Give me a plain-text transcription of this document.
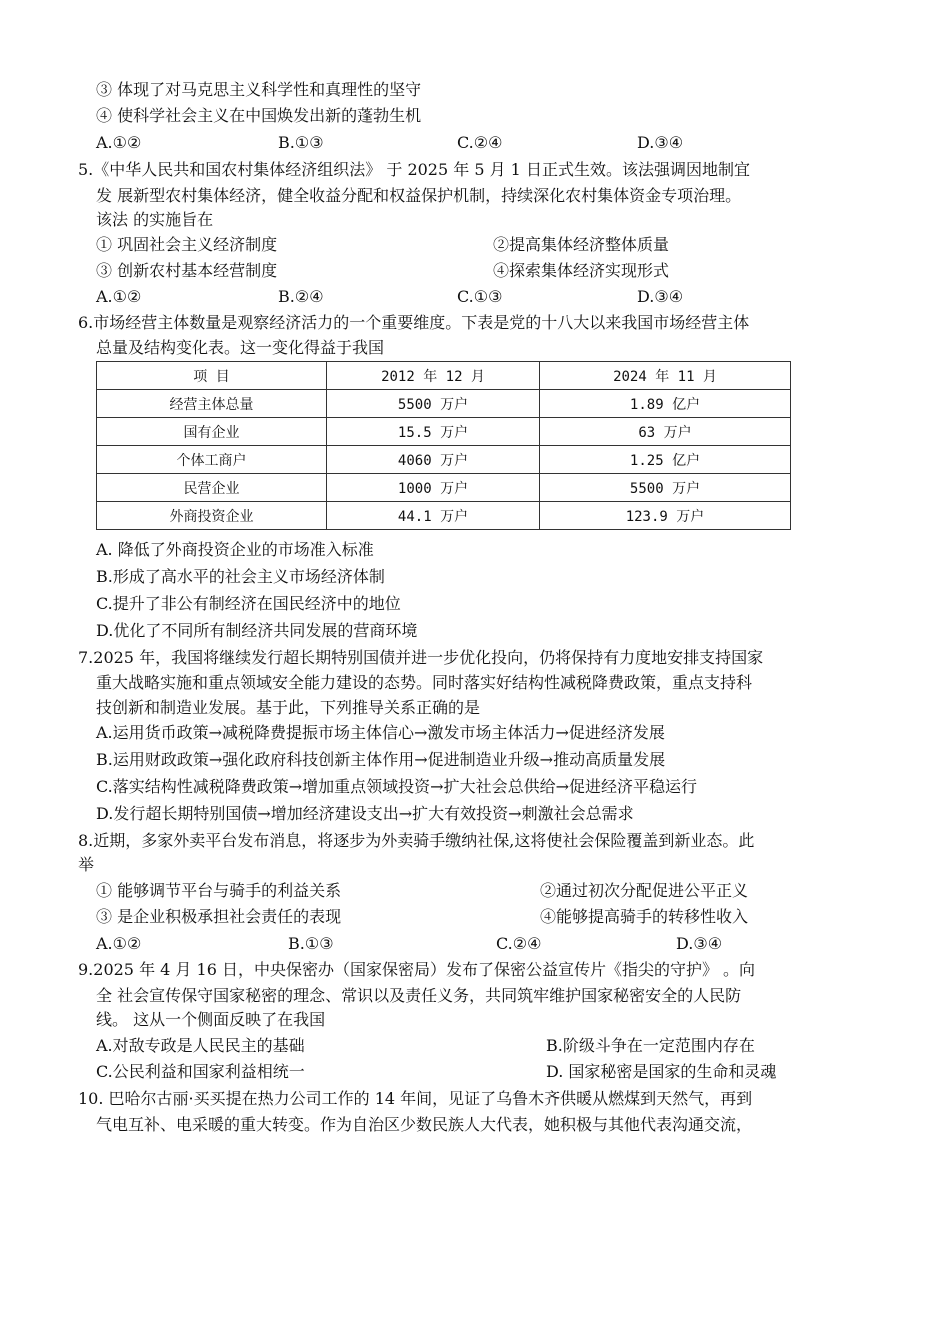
③ 体现了对马克思主义科学性和真理性的坚守
④ 使科学社会主义在中国焕发出新的蓬勃生机
A.①②	B.①③	C.②④	D.③④
5.《中华人民共和国农村集体经济组织法》 于 2025 年 5 月 1 日正式生效。该法强调因地制宜
发 展新型农村集体经济，健全收益分配和权益保护机制，持续深化农村集体资金专项治理。
该法 的实施旨在
① 巩固社会主义经济制度	②提高集体经济整体质量
③ 创新农村基本经营制度	④探索集体经济实现形式
A.①②	B.②④	C.①③	D.③④
6.市场经营主体数量是观察经济活力的一个重要维度。下表是党的十八大以来我国市场经营主体
总量及结构变化表。这一变化得益于我国
项 目	2012 年 12 月	2024 年 11 月
经营主体总量	5500 万户	1.89 亿户
国有企业	15.5 万户	63 万户
个体工商户	4060 万户	1.25 亿户
民营企业	1000 万户	5500 万户
外商投资企业	44.1 万户	123.9 万户
A. 降低了外商投资企业的市场准入标准
B.形成了高水平的社会主义市场经济体制
C.提升了非公有制经济在国民经济中的地位
D.优化了不同所有制经济共同发展的营商环境
7.2025 年，我国将继续发行超长期特别国债并进一步优化投向，仍将保持有力度地安排支持国家
重大战略实施和重点领域安全能力建设的态势。同时落实好结构性减税降费政策，重点支持科
技创新和制造业发展。基于此，下列推导关系正确的是
A.运用货币政策→减税降费提振市场主体信心→激发市场主体活力→促进经济发展
B.运用财政政策→强化政府科技创新主体作用→促进制造业升级→推动高质量发展
C.落实结构性减税降费政策→增加重点领域投资→扩大社会总供给→促进经济平稳运行
D.发行超长期特别国债→增加经济建设支出→扩大有效投资→刺激社会总需求
8.近期，多家外卖平台发布消息，将逐步为外卖骑手缴纳社保,这将使社会保险覆盖到新业态。此
举
① 能够调节平台与骑手的利益关系	②通过初次分配促进公平正义
③ 是企业积极承担社会责任的表现	④能够提高骑手的转移性收入
A.①②	B.①③	C.②④	D.③④
9.2025 年 4 月 16 日，中央保密办（国家保密局）发布了保密公益宣传片《指尖的守护》 。向
全 社会宣传保守国家秘密的理念、常识以及责任义务，共同筑牢维护国家秘密安全的人民防
线。 这从一个侧面反映了在我国
A.对敌专政是人民民主的基础	B.阶级斗争在一定范围内存在
C.公民利益和国家利益相统一	D. 国家秘密是国家的生命和灵魂
10. 巴哈尔古丽·买买提在热力公司工作的 14 年间，见证了乌鲁木齐供暖从燃煤到天然气，再到
气电互补、电采暖的重大转变。作为自治区少数民族人大代表，她积极与其他代表沟通交流，
